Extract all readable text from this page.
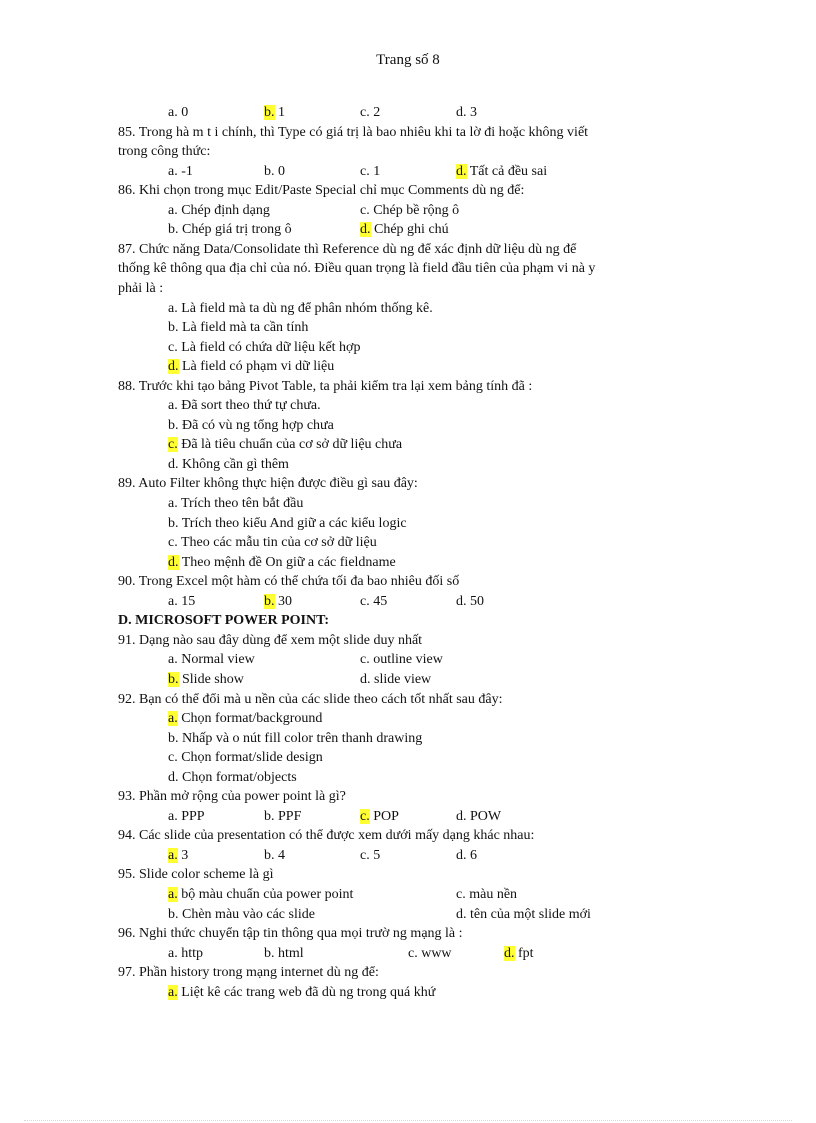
Trang số 8
a. 0	b. 1	c. 2	d. 3
85. Trong hà m t i chính, thì Type có giá trị là bao nhiêu khi ta lờ đi hoặc không viết
trong công thức:
a. -1	b. 0	c. 1	d. Tất cả đều sai
86. Khi chọn trong mục Edit/Paste Special chỉ mục Comments dù ng để:
a. Chép định dạng	c. Chép bề rộng ô
b. Chép giá trị trong ô	d. Chép ghi chú
87. Chức năng Data/Consolidate thì Reference dù ng để xác định dữ liệu dù ng để
thống kê thông qua địa chỉ của nó. Điều quan trọng là field đầu tiên của phạm vi nà y
phải là :
a. Là field mà ta dù ng để phân nhóm thống kê.
b. Là field mà ta cần tính
c. Là field có chứa dữ liệu kết hợp
d. Là field có phạm vi dữ liệu
88. Trước khi tạo bảng Pivot Table, ta phải kiểm tra lại xem bảng tính đã :
a. Đã sort theo thứ tự chưa.
b. Đã có vù ng tổng hợp chưa
c. Đã là tiêu chuẩn của cơ sở dữ liệu chưa
d. Không cần gì thêm
89. Auto Filter không thực hiện được điều gì sau đây:
a. Trích theo tên bắt đầu
b. Trích theo kiểu And giữ a các kiểu logic
c. Theo các mẫu tin của cơ sở dữ liệu
d. Theo mệnh đề On giữ a các fieldname
90. Trong Excel một hàm có thể chứa tối đa bao nhiêu đối số
a. 15	b. 30	c. 45	d. 50
D. MICROSOFT POWER POINT:
91. Dạng nào sau đây dùng để xem một slide duy nhất
a. Normal view	c. outline view
b. Slide show	d. slide view
92. Bạn có thể đổi mà u nền của các slide theo cách tốt nhất sau đây:
a. Chọn format/background
b. Nhấp và o nút fill color trên thanh drawing
c. Chọn format/slide design
d. Chọn format/objects
93. Phần mở rộng của power point là gì?
a. PPP	b. PPF	c. POP	d. POW
94. Các slide của presentation có thể được xem dưới mấy dạng khác nhau:
a. 3	b. 4	c. 5	d. 6
95. Slide color scheme là gì
a. bộ màu chuẩn của power point	c. màu nền
b. Chèn màu vào các slide	d. tên của một slide mới
96. Nghi thức chuyển tập tin thông qua mọi trườ ng mạng là :
a. http	b. html	c. www	d. fpt
97. Phần history trong mạng internet dù ng để:
a. Liệt kê các trang web đã dù ng trong quá khứ
